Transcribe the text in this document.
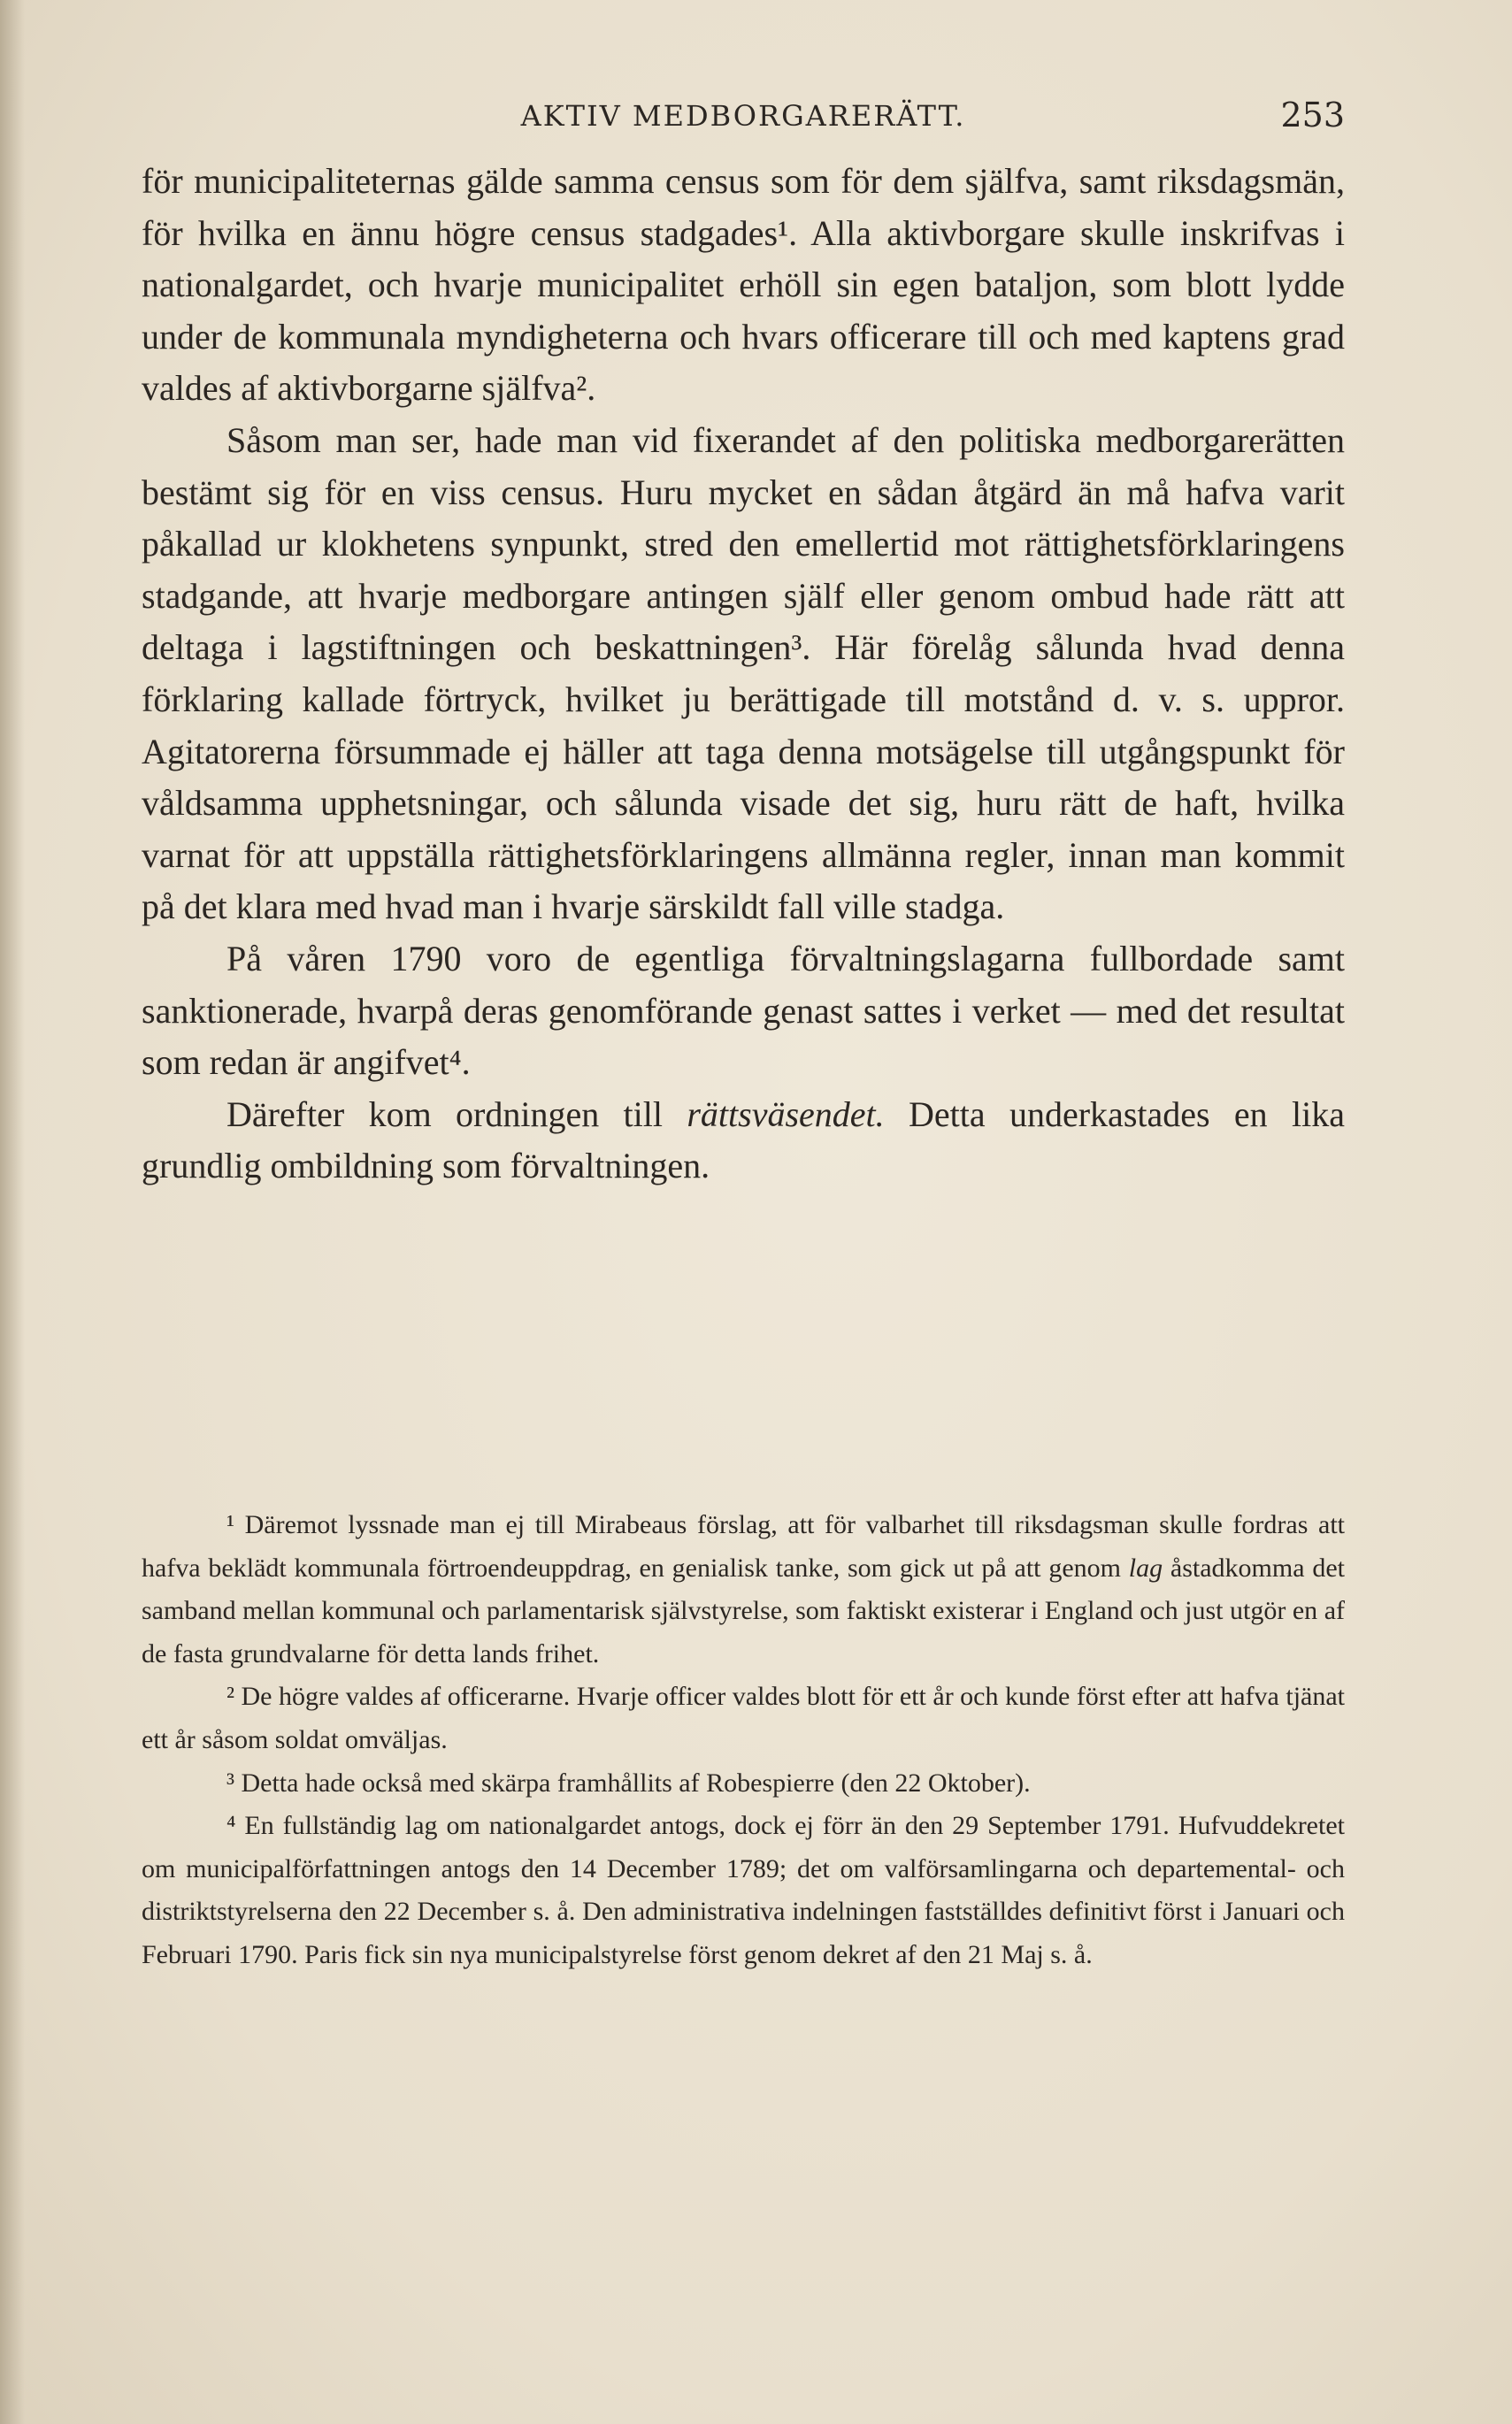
AKTIV MEDBORGARERÄTT.	253

för municipaliteternas gälde samma census som för dem själfva, samt riksdagsmän, för hvilka en ännu högre census stadgades¹. Alla aktivborgare skulle inskrifvas i nationalgardet, och hvarje municipalitet erhöll sin egen bataljon, som blott lydde under de kommunala myndigheterna och hvars officerare till och med kaptens grad valdes af aktivborgarne själfva².

Såsom man ser, hade man vid fixerandet af den politiska medborgarerätten bestämt sig för en viss census. Huru mycket en sådan åtgärd än må hafva varit påkallad ur klokhetens synpunkt, stred den emellertid mot rättighetsförklaringens stadgande, att hvarje medborgare antingen själf eller genom ombud hade rätt att deltaga i lagstiftningen och beskattningen³. Här förelåg sålunda hvad denna förklaring kallade förtryck, hvilket ju berättigade till motstånd d. v. s. uppror. Agitatorerna försummade ej häller att taga denna motsägelse till utgångspunkt för våldsamma upphetsningar, och sålunda visade det sig, huru rätt de haft, hvilka varnat för att uppställa rättighetsförklaringens allmänna regler, innan man kommit på det klara med hvad man i hvarje särskildt fall ville stadga.

På våren 1790 voro de egentliga förvaltningslagarna fullbordade samt sanktionerade, hvarpå deras genomförande genast sattes i verket — med det resultat som redan är angifvet⁴.

Därefter kom ordningen till rättsväsendet. Detta underkastades en lika grundlig ombildning som förvaltningen.

¹ Däremot lyssnade man ej till Mirabeaus förslag, att för valbarhet till riksdagsman skulle fordras att hafva beklädt kommunala förtroendeuppdrag, en genialisk tanke, som gick ut på att genom lag åstadkomma det samband mellan kommunal och parlamentarisk självstyrelse, som faktiskt existerar i England och just utgör en af de fasta grundvalarne för detta lands frihet.

² De högre valdes af officerarne. Hvarje officer valdes blott för ett år och kunde först efter att hafva tjänat ett år såsom soldat omväljas.

³ Detta hade också med skärpa framhållits af Robespierre (den 22 Oktober).

⁴ En fullständig lag om nationalgardet antogs, dock ej förr än den 29 September 1791. Hufvuddekretet om municipalförfattningen antogs den 14 December 1789; det om valförsamlingarna och departemental- och distriktstyrelserna den 22 December s. å. Den administrativa indelningen fastställdes definitivt först i Januari och Februari 1790. Paris fick sin nya municipalstyrelse först genom dekret af den 21 Maj s. å.
